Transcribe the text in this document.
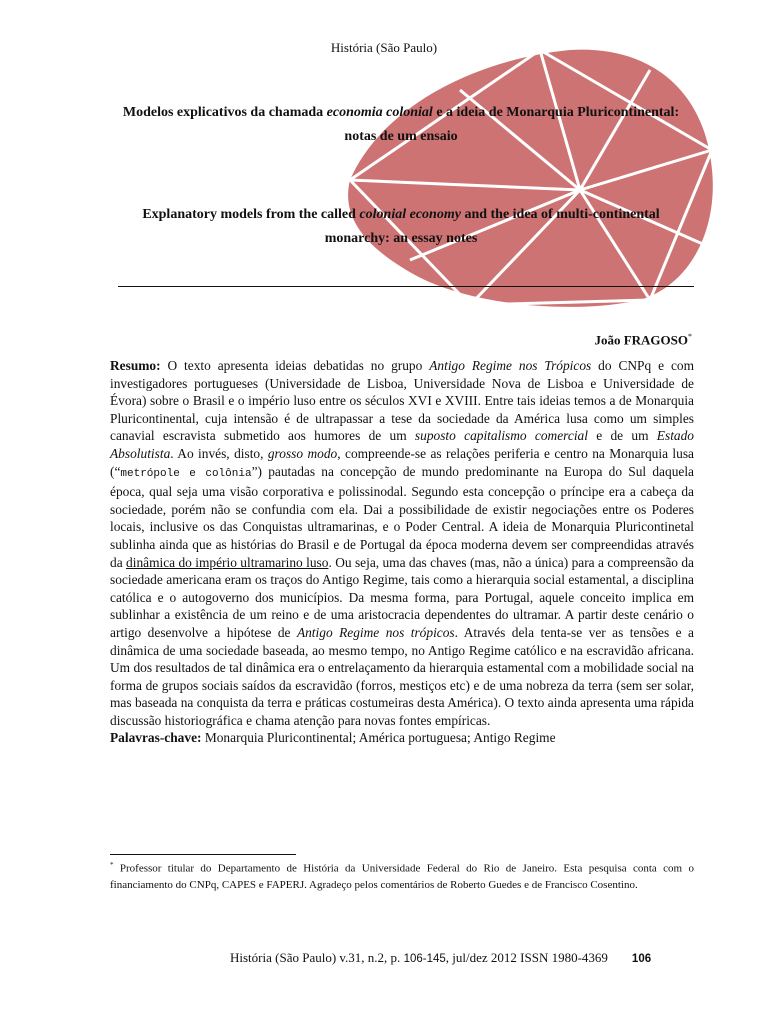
História (São Paulo)
Modelos explicativos da chamada economia colonial e a ideia de Monarquia Pluricontinental: notas de um ensaio
Explanatory models from the called colonial economy and the idea of multi-continental monarchy: an essay notes
João FRAGOSO*

Resumo: O texto apresenta ideias debatidas no grupo Antigo Regime nos Trópicos do CNPq e com investigadores portugueses (Universidade de Lisboa, Universidade Nova de Lisboa e Universidade de Évora) sobre o Brasil e o império luso entre os séculos XVI e XVIII. Entre tais ideias temos a de Monarquia Pluricontinental, cuja intensão é de ultrapassar a tese da sociedade da América lusa como um simples canavial escravista submetido aos humores de um suposto capitalismo comercial e de um Estado Absolutista. Ao invés, disto, grosso modo, compreende-se as relações periferia e centro na Monarquia lusa (“metrópole e colônia”) pautadas na concepção de mundo predominante na Europa do Sul daquela época, qual seja uma visão corporativa e polissinodal. Segundo esta concepção o príncipe era a cabeça da sociedade, porém não se confundia com ela. Dai a possibilidade de existir negociações entre os Poderes locais, inclusive os das Conquistas ultramarinas, e o Poder Central. A ideia de Monarquia Pluricontinetal sublinha ainda que as histórias do Brasil e de Portugal da época moderna devem ser compreendidas através da dinâmica do império ultramarino luso. Ou seja, uma das chaves (mas, não a única) para a compreensão da sociedade americana eram os traços do Antigo Regime, tais como a hierarquia social estamental, a disciplina católica e o autogoverno dos municípios. Da mesma forma, para Portugal, aquele conceito implica em sublinhar a existência de um reino e de uma aristocracia dependentes do ultramar. A partir deste cenário o artigo desenvolve a hipótese de Antigo Regime nos trópicos. Através dela tenta-se ver as tensões e a dinâmica de uma sociedade baseada, ao mesmo tempo, no Antigo Regime católico e na escravidão africana. Um dos resultados de tal dinâmica era o entrelaçamento da hierarquia estamental com a mobilidade social na forma de grupos sociais saídos da escravidão (forros, mestiços etc) e de uma nobreza da terra (sem ser solar, mas baseada na conquista da terra e práticas costumeiras desta América). O texto ainda apresenta uma rápida discussão historiográfica e chama atenção para novas fontes empíricas.

Palavras-chave: Monarquia Pluricontinental; América portuguesa; Antigo Regime

* Professor titular do Departamento de História da Universidade Federal do Rio de Janeiro. Esta pesquisa conta com o financiamento do CNPq, CAPES e FAPERJ. Agradeço pelos comentários de Roberto Guedes e de Francisco Cosentino.

História (São Paulo) v.31, n.2, p. 106-145, jul/dez 2012 ISSN 1980-4369 106
